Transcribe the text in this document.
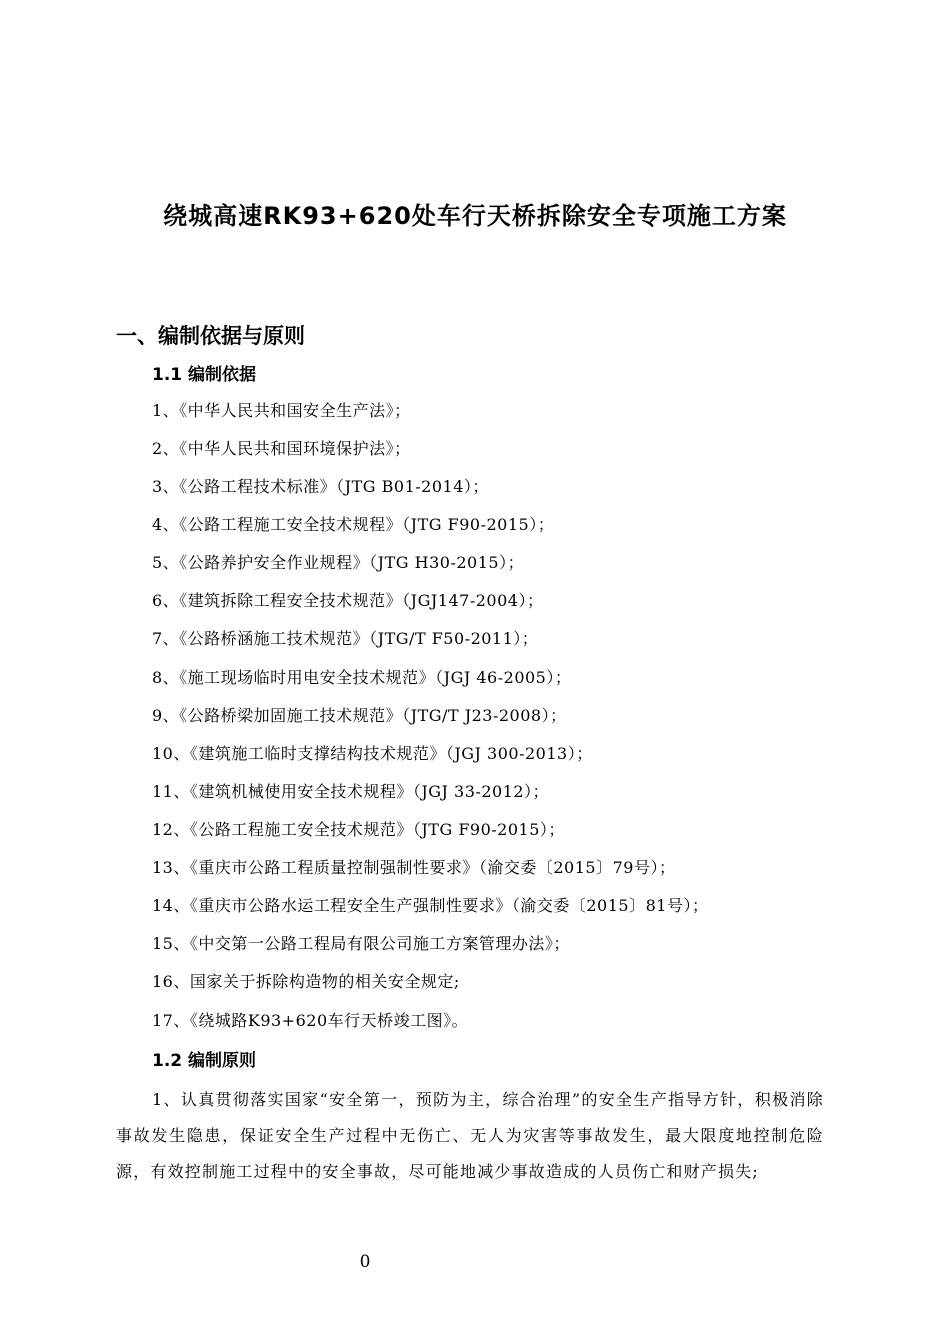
绕城高速RK93+620处车行天桥拆除安全专项施工方案
一、编制依据与原则
1.1 编制依据
1、《中华人民共和国安全生产法》；
2、《中华人民共和国环境保护法》；
3、《公路工程技术标准》（JTG B01-2014）；
4、《公路工程施工安全技术规程》（JTG F90-2015）；
5、《公路养护安全作业规程》（JTG H30-2015）；
6、《建筑拆除工程安全技术规范》（JGJ147-2004）；
7、《公路桥涵施工技术规范》（JTG/T F50-2011）；
8、《施工现场临时用电安全技术规范》（JGJ 46-2005）；
9、《公路桥梁加固施工技术规范》（JTG/T J23-2008）；
10、《建筑施工临时支撑结构技术规范》（JGJ 300-2013）；
11、《建筑机械使用安全技术规程》（JGJ 33-2012）；
12、《公路工程施工安全技术规范》（JTG F90-2015）；
13、《重庆市公路工程质量控制强制性要求》（渝交委〔2015〕79号）；
14、《重庆市公路水运工程安全生产强制性要求》（渝交委〔2015〕81号）；
15、《中交第一公路工程局有限公司施工方案管理办法》；
16、国家关于拆除构造物的相关安全规定;
17、《绕城路K93+620车行天桥竣工图》。
1.2 编制原则
1、认真贯彻落实国家“安全第一，预防为主，综合治理”的安全生产指导方针，积极消除事故发生隐患，保证安全生产过程中无伤亡、无人为灾害等事故发生，最大限度地控制危险源，有效控制施工过程中的安全事故，尽可能地减少事故造成的人员伤亡和财产损失;
0
